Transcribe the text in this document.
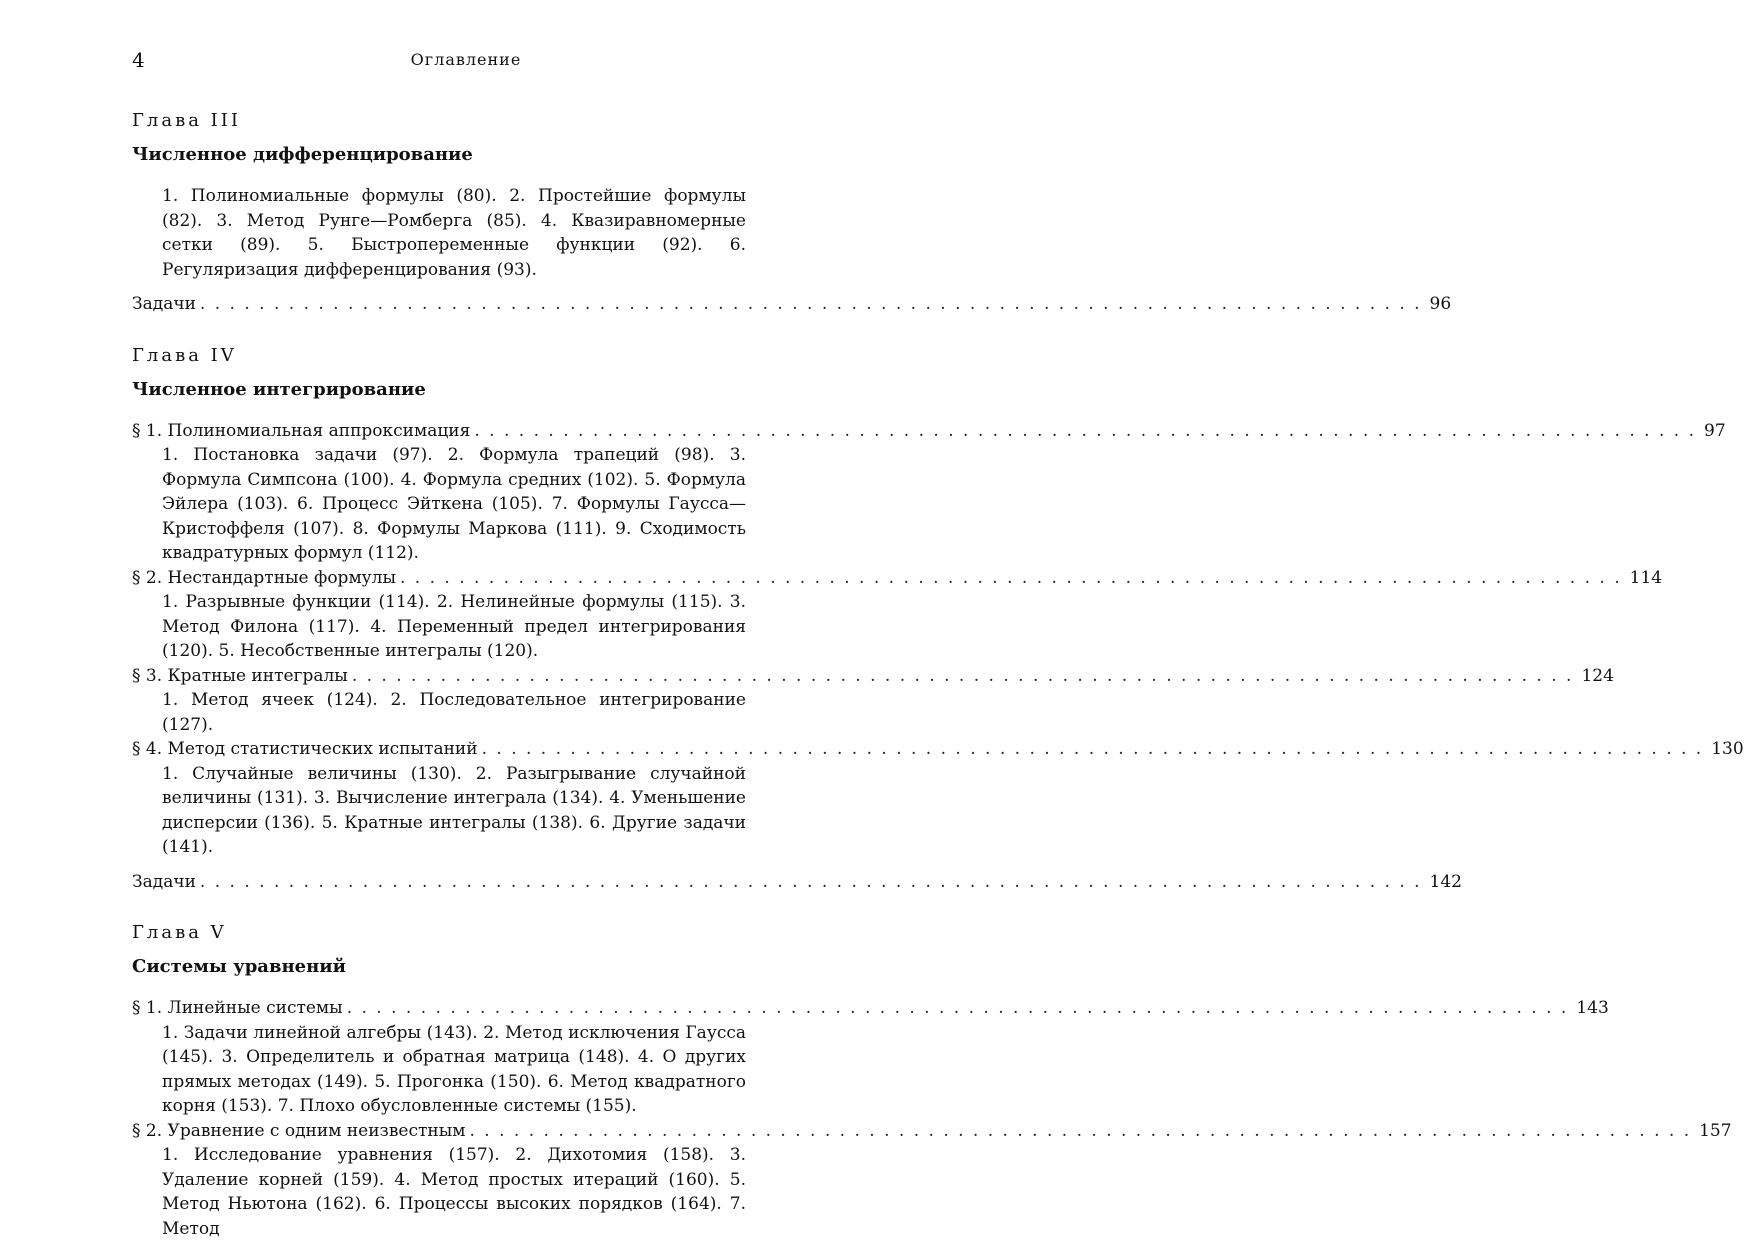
4	Оглавление
Глава III
Численное дифференцирование
1. Полиномиальные формулы (80). 2. Простейшие формулы (82). 3. Метод Рунге—Ромберга (85). 4. Квазиравномерные сетки (89). 5. Быстропеременные функции (92). 6. Регуляризация дифференцирования (93).
Задачи . . . . . . . . . . . . . . . . . . . . . . . . . . . . . . . . . . . . . . . . . . . . . . . . . . . . . . . . . . . . . . . . . . . . . . . . . . . . . . . . . . . 96
Глава IV
Численное интегрирование
§ 1. Полиномиальная аппроксимация . . . . . . . . . . . . . . . . . . . . . . . . . . . . . . . . . . . . . . . . . . . . . . . . . . . . . . . . . . . . . . . . . . . . . . . . . . . . . . . . . . . 97
1. Постановка задачи (97). 2. Формула трапеций (98). 3. Формула Симпсона (100). 4. Формула средних (102). 5. Формула Эйлера (103). 6. Процесс Эйткена (105). 7. Формулы Гаусса—Кристоффеля (107). 8. Формулы Маркова (111). 9. Сходимость квадратурных формул (112).
§ 2. Нестандартные формулы . . . . . . . . . . . . . . . . . . . . . . . . . . . . . . . . . . . . . . . . . . . . . . . . . . . . . . . . . . . . . . . . . . . . . . . . . . . . . . . . . . . 114
1. Разрывные функции (114). 2. Нелинейные формулы (115). 3. Метод Филона (117). 4. Переменный предел интегрирования (120). 5. Несобственные интегралы (120).
§ 3. Кратные интегралы . . . . . . . . . . . . . . . . . . . . . . . . . . . . . . . . . . . . . . . . . . . . . . . . . . . . . . . . . . . . . . . . . . . . . . . . . . . . . . . . . . . 124
1. Метод ячеек (124). 2. Последовательное интегрирование (127).
§ 4. Метод статистических испытаний . . . . . . . . . . . . . . . . . . . . . . . . . . . . . . . . . . . . . . . . . . . . . . . . . . . . . . . . . . . . . . . . . . . . . . . . . . . . . . . . . . . 130
1. Случайные величины (130). 2. Разыгрывание случайной величины (131). 3. Вычисление интеграла (134). 4. Уменьшение дисперсии (136). 5. Кратные интегралы (138). 6. Другие задачи (141).
Задачи . . . . . . . . . . . . . . . . . . . . . . . . . . . . . . . . . . . . . . . . . . . . . . . . . . . . . . . . . . . . . . . . . . . . . . . . . . . . . . . . . . . 142
Глава V
Системы уравнений
§ 1. Линейные системы . . . . . . . . . . . . . . . . . . . . . . . . . . . . . . . . . . . . . . . . . . . . . . . . . . . . . . . . . . . . . . . . . . . . . . . . . . . . . . . . . . . 143
1. Задачи линейной алгебры (143). 2. Метод исключения Гаусса (145). 3. Определитель и обратная матрица (148). 4. О других прямых методах (149). 5. Прогонка (150). 6. Метод квадратного корня (153). 7. Плохо обусловленные системы (155).
§ 2. Уравнение с одним неизвестным . . . . . . . . . . . . . . . . . . . . . . . . . . . . . . . . . . . . . . . . . . . . . . . . . . . . . . . . . . . . . . . . . . . . . . . . . . . . . . . . . . . 157
1. Исследование уравнения (157). 2. Дихотомия (158). 3. Удаление корней (159). 4. Метод простых итераций (160). 5. Метод Ньютона (162). 6. Процессы высоких порядков (164). 7. Метод
